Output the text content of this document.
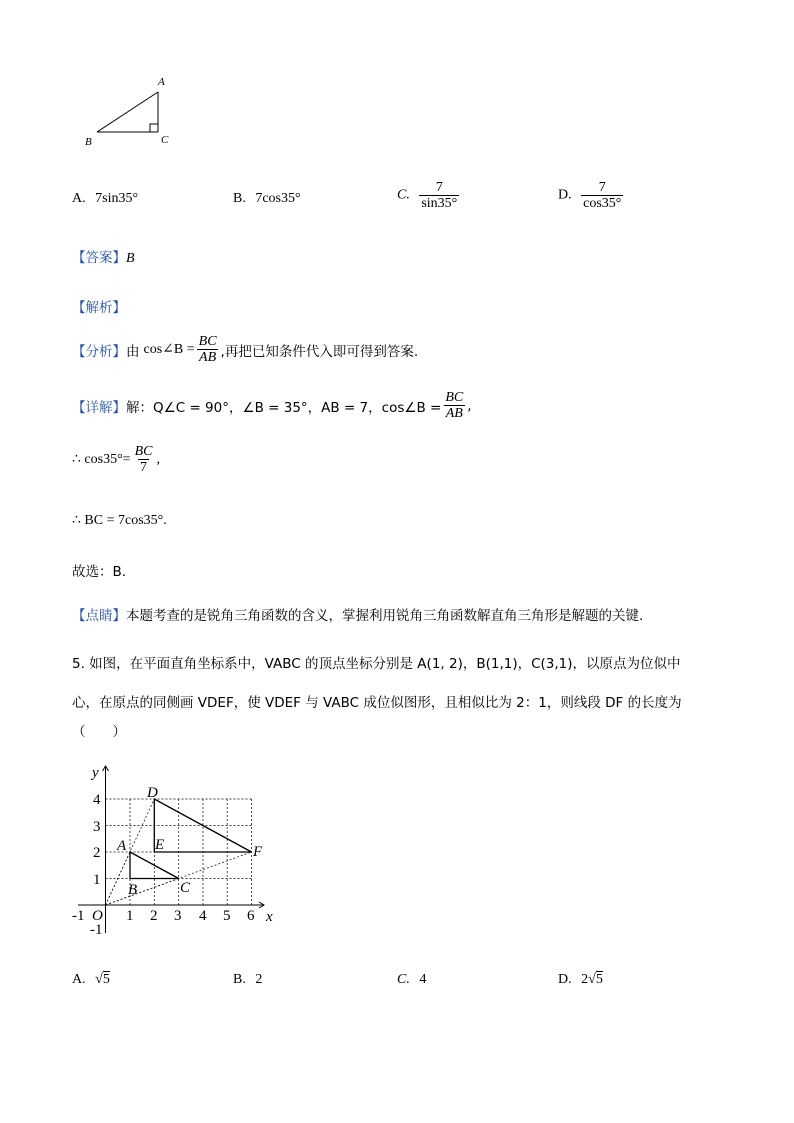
A
B	C
A. 7sin35°	B. 7cos35°	C. $\frac{7}{\sin 35^\circ}$	D. $\frac{7}{\cos 35^\circ}$
【答案】B
【解析】
【分析】 由 cos∠B = $\frac{BC}{AB}$ ,再把已知条件代入即可得到答案.
【详解】 解：Q∠C = 90°，∠B = 35°，AB = 7，cos∠B = $\frac{BC}{AB}$ ,
∴ $\cos 35^\circ= \frac{BC}{7}$ ,
∴ BC = 7cos35°.
故选：B.
【点睛】本题考查的是锐角三角函数的含义，掌握利用锐角三角函数解直角三角形是解题的关键.
5. 如图，在平面直角坐标系中，VABC 的顶点坐标分别是 A(1, 2)，B(1,1)，C(3,1)，以原点为位似中
心，在原点的同侧画 VDEF，使 VDEF 与 VABC 成位似图形，且相似比为 2：1，则线段 DF 的长度为
（　　）
y
x
O
-1	1 2 3 4 5 6
4
3
2
1
-1
D
A E	F
B	C
A. √5	B. 2	C. 4	D. 2√5
